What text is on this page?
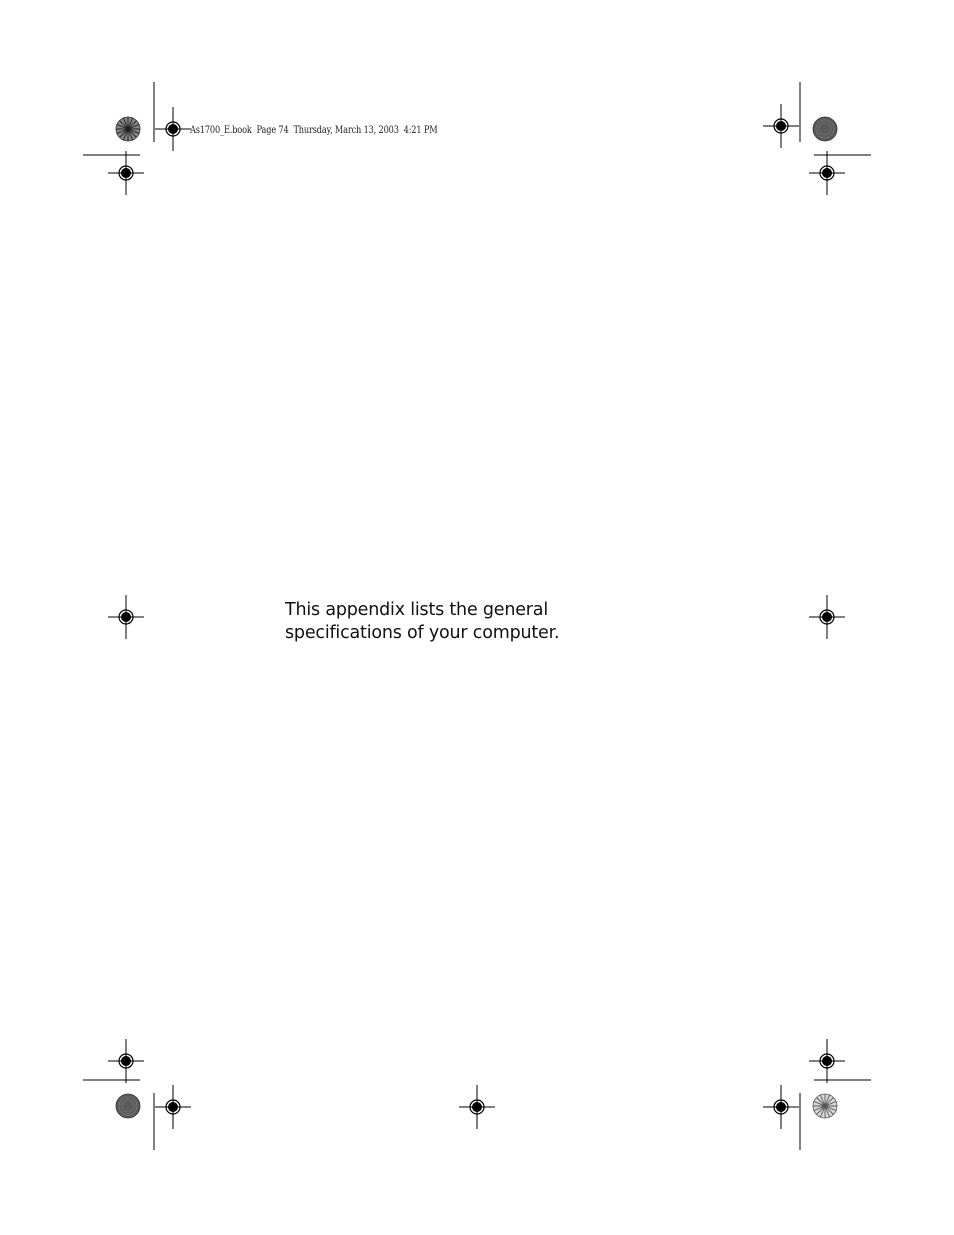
As1700_E.book  Page 74  Thursday, March 13, 2003  4:21 PM

This appendix lists the general

specifications of your computer.
